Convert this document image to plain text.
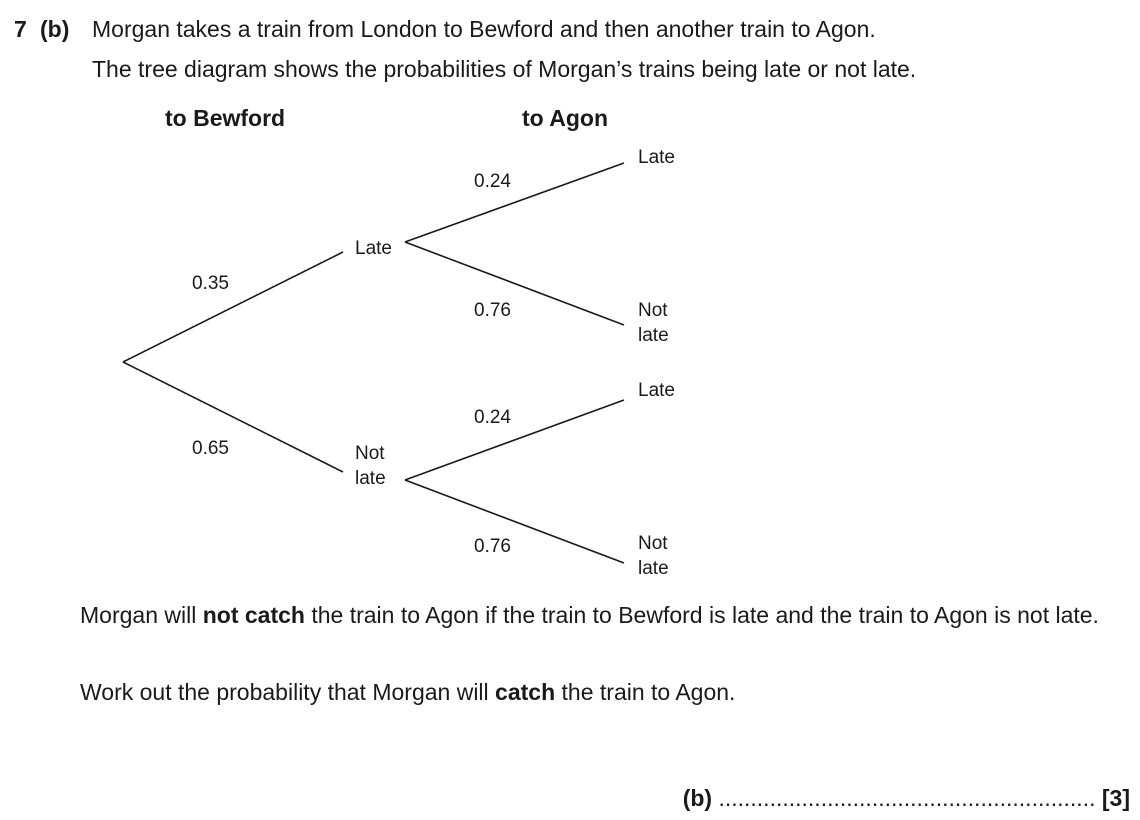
7 (b) Morgan takes a train from London to Bewford and then another train to Agon.
The tree diagram shows the probabilities of Morgan’s trains being late or not late.
to Bewford	to Agon
0.35
0.65
Late
Not
late
0.24
0.76
0.24
0.76
Late
Not
late
Late
Not
late
Morgan will not catch the train to Agon if the train to Bewford is late and the train to Agon is not late.
Work out the probability that Morgan will catch the train to Agon.
(b) ........................................................... [3]
